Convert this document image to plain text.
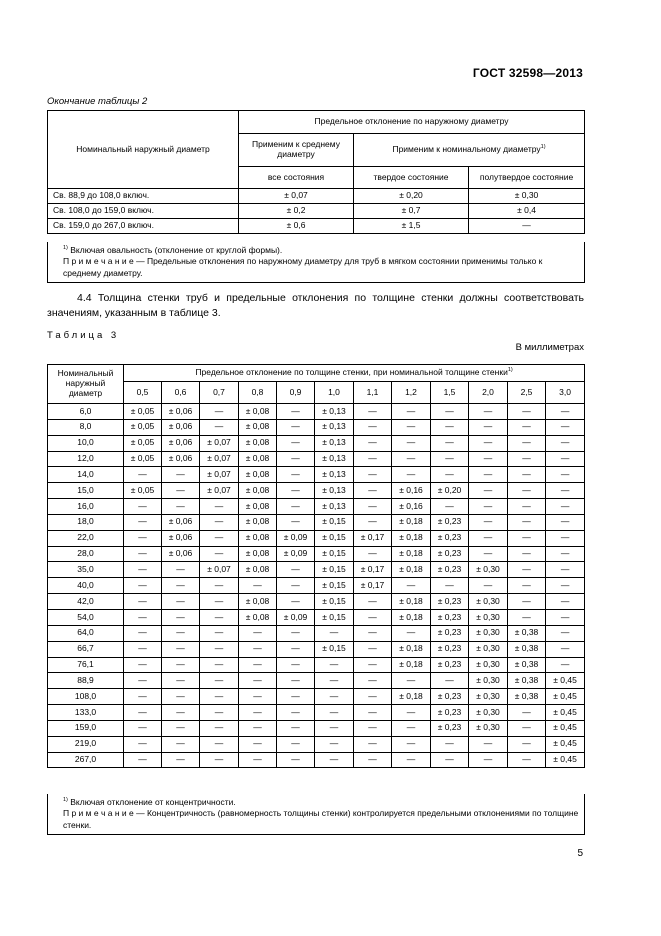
ГОСТ 32598—2013
Окончание таблицы 2
Номинальный наружный диаметр	Предельное отклонение по наружному диаметру		
	Применим к среднему диаметру	Применим к номинальному диаметру$^{1)}$
	все состояния	твердое состояние	полутвердое состояние
Св. 88,9 до 108,0 включ.	± 0,07	± 0,20	± 0,30
Св. 108,0 до 159,0 включ.	± 0,2	± 0,7	± 0,4
Св. 159,0 до 267,0 включ.	± 0,6	± 1,5	—

$^{1)}$ Включая овальность (отклонение от круглой формы).

П р и м е ч а н и е — Предельные отклонения по наружному диаметру для труб в мягком состоянии применимы только к среднему диаметру.

4.4 Толщина стенки труб и предельные отклонения по толщине стенки должны соответствовать значениям, указанным в таблице 3.
Таблица 3
В миллиметрах
Номинальный наружный диаметр	Предельное отклонение по толщине стенки, при номинальной толщине стенки$^{1)}$
	0,5	0,6	0,7	0,8	0,9	1,0	1,1	1,2	1,5	2,0	2,5	3,0
6,0	± 0,05	± 0,06	—	± 0,08	—	± 0,13	—	—	—	—	—	—
8,0	± 0,05	± 0,06	—	± 0,08	—	± 0,13	—	—	—	—	—	—
10,0	± 0,05	± 0,06	± 0,07	± 0,08	—	± 0,13	—	—	—	—	—	—
12,0	± 0,05	± 0,06	± 0,07	± 0,08	—	± 0,13	—	—	—	—	—	—
14,0	—	—	± 0,07	± 0,08	—	± 0,13	—	—	—	—	—	—
15,0	± 0,05	—	± 0,07	± 0,08	—	± 0,13	—	± 0,16	± 0,20	—	—	—
16,0	—	—	—	± 0,08	—	± 0,13	—	± 0,16	—	—	—	—
18,0	—	± 0,06	—	± 0,08	—	± 0,15	—	± 0,18	± 0,23	—	—	—
22,0	—	± 0,06	—	± 0,08	± 0,09	± 0,15	± 0,17	± 0,18	± 0,23	—	—	—
28,0	—	± 0,06	—	± 0,08	± 0,09	± 0,15	—	± 0,18	± 0,23	—	—	—
35,0	—	—	± 0,07	± 0,08	—	± 0,15	± 0,17	± 0,18	± 0,23	± 0,30	—	—
40,0	—	—	—	—	—	± 0,15	± 0,17	—	—	—	—	—
42,0	—	—	—	± 0,08	—	± 0,15	—	± 0,18	± 0,23	± 0,30	—	—
54,0	—	—	—	± 0,08	± 0,09	± 0,15	—	± 0,18	± 0,23	± 0,30	—	—
64,0	—	—	—	—	—	—	—	—	± 0,23	± 0,30	± 0,38	—
66,7	—	—	—	—	—	± 0,15	—	± 0,18	± 0,23	± 0,30	± 0,38	—
76,1	—	—	—	—	—	—	—	± 0,18	± 0,23	± 0,30	± 0,38	—
88,9	—	—	—	—	—	—	—	—	—	± 0,30	± 0,38	± 0,45
108,0	—	—	—	—	—	—	—	± 0,18	± 0,23	± 0,30	± 0,38	± 0,45
133,0	—	—	—	—	—	—	—	—	± 0,23	± 0,30	—	± 0,45
159,0	—	—	—	—	—	—	—	—	± 0,23	± 0,30	—	± 0,45
219,0	—	—	—	—	—	—	—	—	—	—	—	± 0,45
267,0	—	—	—	—	—	—	—	—	—	—	—	± 0,45

$^{1)}$ Включая отклонение от концентричности.

П р и м е ч а н и е — Концентричность (равномерность толщины стенки) контролируется предельными отклонениями по толщине стенки.

5
